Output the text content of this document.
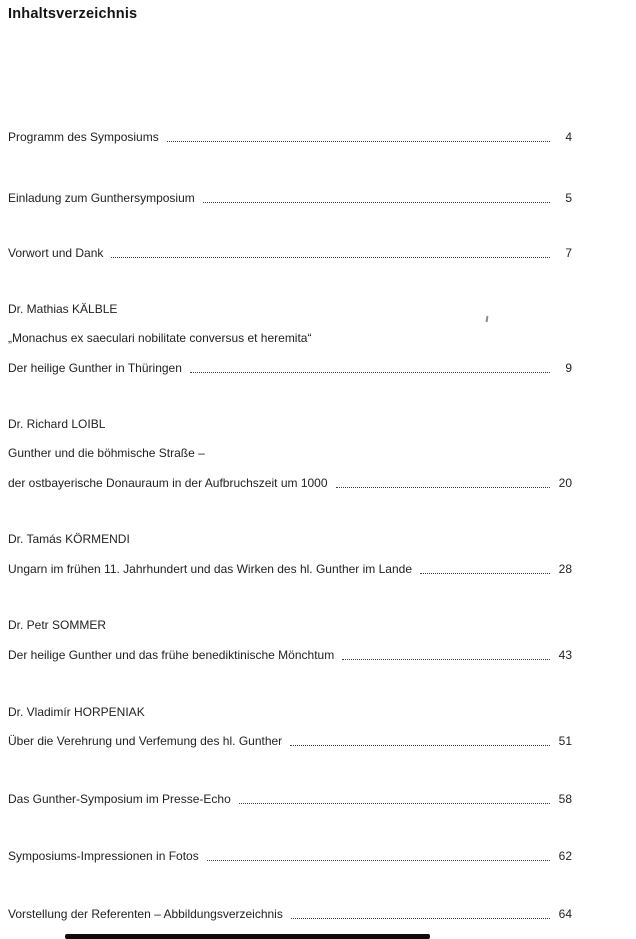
Inhaltsverzeichnis
Programm des Symposiums	4
Einladung zum Gunthersymposium	5
Vorwort und Dank	7
Dr. Mathias KÄLBLE
„Monachus ex saeculari nobilitate conversus et heremita“
Der heilige Gunther in Thüringen	9
Dr. Richard LOIBL
Gunther und die böhmische Straße –
der ostbayerische Donauraum in der Aufbruchszeit um 1000	20
Dr. Tamás KÖRMENDI
Ungarn im frühen 11. Jahrhundert und das Wirken des hl. Gunther im Lande	28
Dr. Petr SOMMER
Der heilige Gunther und das frühe benediktinische Mönchtum	43
Dr. Vladimír HORPENIAK
Über die Verehrung und Verfemung des hl. Gunther	51
Das Gunther-Symposium im Presse-Echo	58
Symposiums-Impressionen in Fotos	62
Vorstellung der Referenten – Abbildungsverzeichnis	64
